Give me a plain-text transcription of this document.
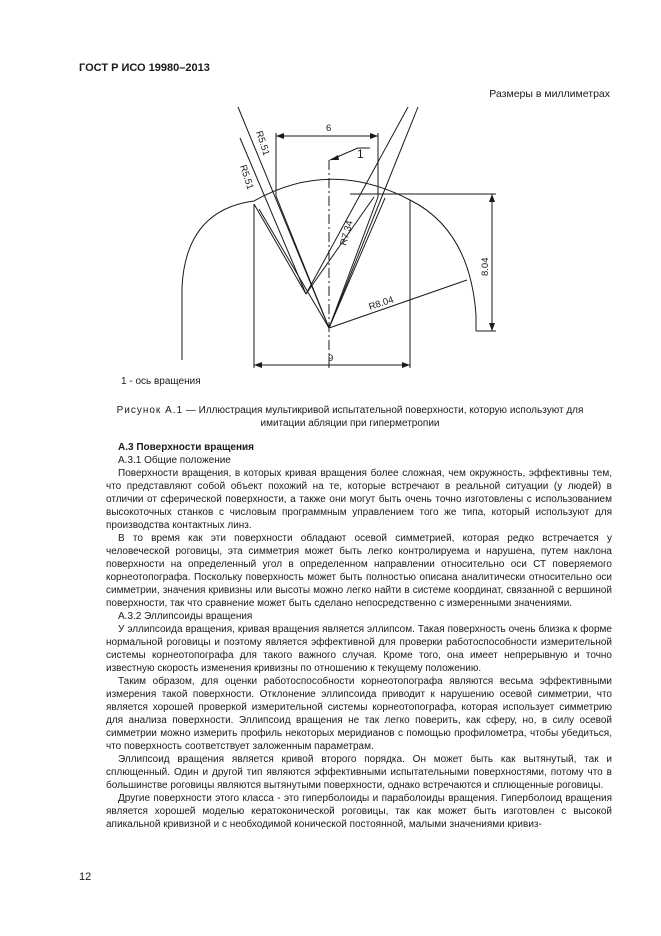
ГОСТ Р ИСО 19980–2013
Размеры в миллиметрах
R5.51
R5.51
6
1
R7.34
8.04
R8.04
9
1 - ось вращения
Рисунок А.1 — Иллюстрация мультикривой испытательной поверхности, которую используют для
имитации абляции при гиперметропии

А.3 Поверхности вращения

А.3.1 Общие положение

Поверхности вращения, в которых кривая вращения более сложная, чем окружность, эффективны тем, что представляют собой объект похожий на те, которые встречают в реальной ситуации (у людей) в отличии от сферической поверхности, а также они могут быть очень точно изготовлены с использованием высокоточных станков с числовым программным управлением того же типа, который используют для производства контактных линз.

В то время как эти поверхности обладают осевой симметрией, которая редко встречается у человеческой роговицы, эта симметрия может быть легко контролируема и нарушена, путем наклона поверхности на определенный угол в определенном направлении относительно оси СТ поверяемого корнеотопографа. Поскольку поверхность может быть полностью описана аналитически относительно оси симметрии, значения кривизны или высоты можно легко найти в системе координат, связанной с вершиной поверхности, так что сравнение может быть сделано непосредственно с измеренными значениями.

А.3.2 Эллипсоиды вращения

У эллипсоида вращения, кривая вращения является эллипсом. Такая поверхность очень близка к форме нормальной роговицы и поэтому является эффективной для проверки работоспособности измерительной системы корнеотопографа для такого важного случая. Кроме того, она имеет непрерывную и точно известную скорость изменения кривизны по отношению к текущему положению.

Таким образом, для оценки работоспособности корнеотопографа являются весьма эффективными измерения такой поверхности. Отклонение эллипсоида приводит к нарушению осевой симметрии, что является хорошей проверкой измерительной системы корнеотопографа, которая использует симметрию для анализа поверхности. Эллипсоид вращения не так легко поверить, как сферу, но, в силу осевой симметрии можно измерить профиль некоторых меридианов с помощью профилометра, чтобы убедиться, что поверхность соответствует заложенным параметрам.

Эллипсоид вращения является кривой второго порядка. Он может быть как вытянутый, так и сплющенный. Один и другой тип являются эффективными испытательными поверхностями, потому что в большинстве роговицы являются вытянутыми поверхности, однако встречаются и сплющенные роговицы.

Другие поверхности этого класса - это гиперболоиды и параболоиды вращения. Гиперболоид вращения является хорошей моделью кератоконической роговицы, так как может быть изготовлен с высокой апикальной кривизной и с необходимой конической постоянной, малыми значениями кривиз-

12
